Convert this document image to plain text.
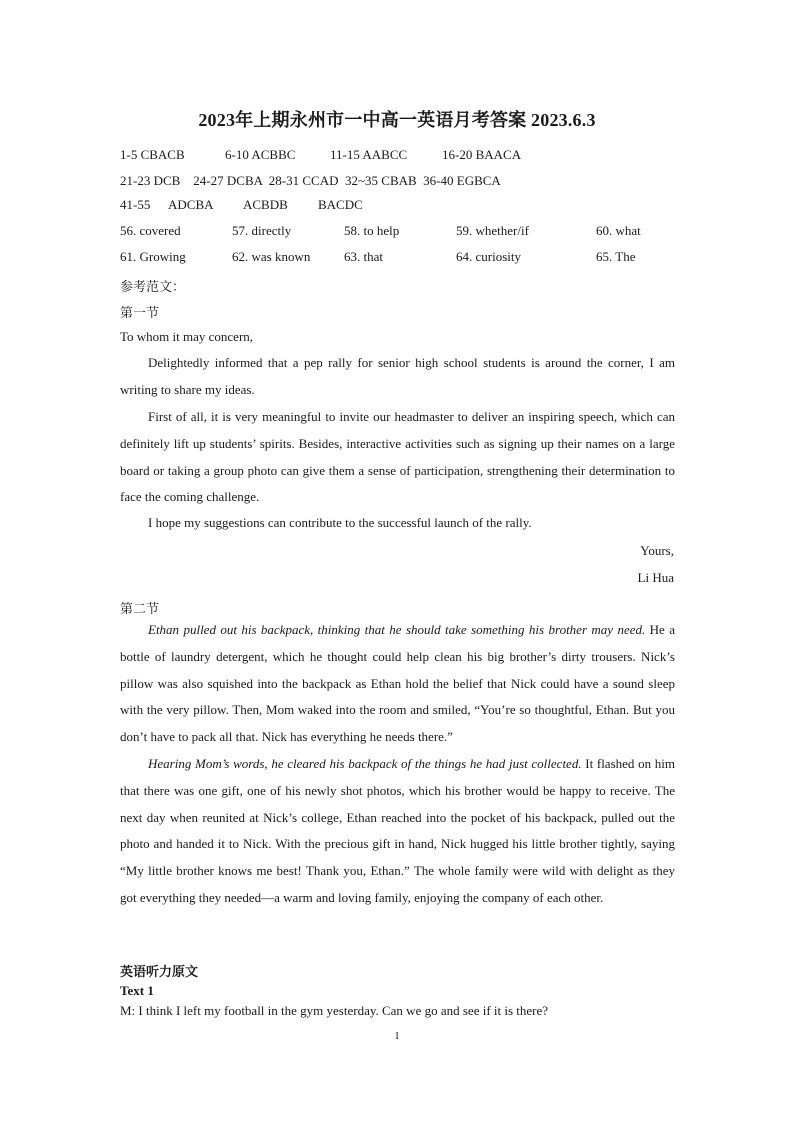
2023年上期永州市一中高一英语月考答案 2023.6.3
1-5 CBACB	6-10 ACBBC	11-15 AABCC	16-20 BAACA
21-23 DCB    24-27 DCBA  28-31 CCAD  32~35 CBAB  36-40 EGBCA
41-55 ADCBA ACBDB BACDC
56. covered	57. directly	58. to help	59. whether/if	60. what
61. Growing	62. was known	63. that	64. curiosity	65. The
参考范文：
第一节
To whom it may concern,
Delightedly informed that a pep rally for senior high school students is around the corner, I am writing to share my ideas.
First of all, it is very meaningful to invite our headmaster to deliver an inspiring speech, which can definitely lift up students’ spirits. Besides, interactive activities such as signing up their names on a large board or taking a group photo can give them a sense of participation, strengthening their determination to face the coming challenge.
I hope my suggestions can contribute to the successful launch of the rally.
Yours,
Li Hua
第二节
Ethan pulled out his backpack, thinking that he should take something his brother may need. He a bottle of laundry detergent, which he thought could help clean his big brother’s dirty trousers. Nick’s pillow was also squished into the backpack as Ethan hold the belief that Nick could have a sound sleep with the very pillow. Then, Mom waked into the room and smiled, “You’re so thoughtful, Ethan. But you don’t have to pack all that. Nick has everything he needs there.”
Hearing Mom’s words, he cleared his backpack of the things he had just collected. It flashed on him that there was one gift, one of his newly shot photos, which his brother would be happy to receive. The next day when reunited at Nick’s college, Ethan reached into the pocket of his backpack, pulled out the photo and handed it to Nick. With the precious gift in hand, Nick hugged his little brother tightly, saying “My little brother knows me best! Thank you, Ethan.” The whole family were wild with delight as they got everything they needed—a warm and loving family, enjoying the company of each other.
英语听力原文
Text 1
M: I think I left my football in the gym yesterday. Can we go and see if it is there?
1
